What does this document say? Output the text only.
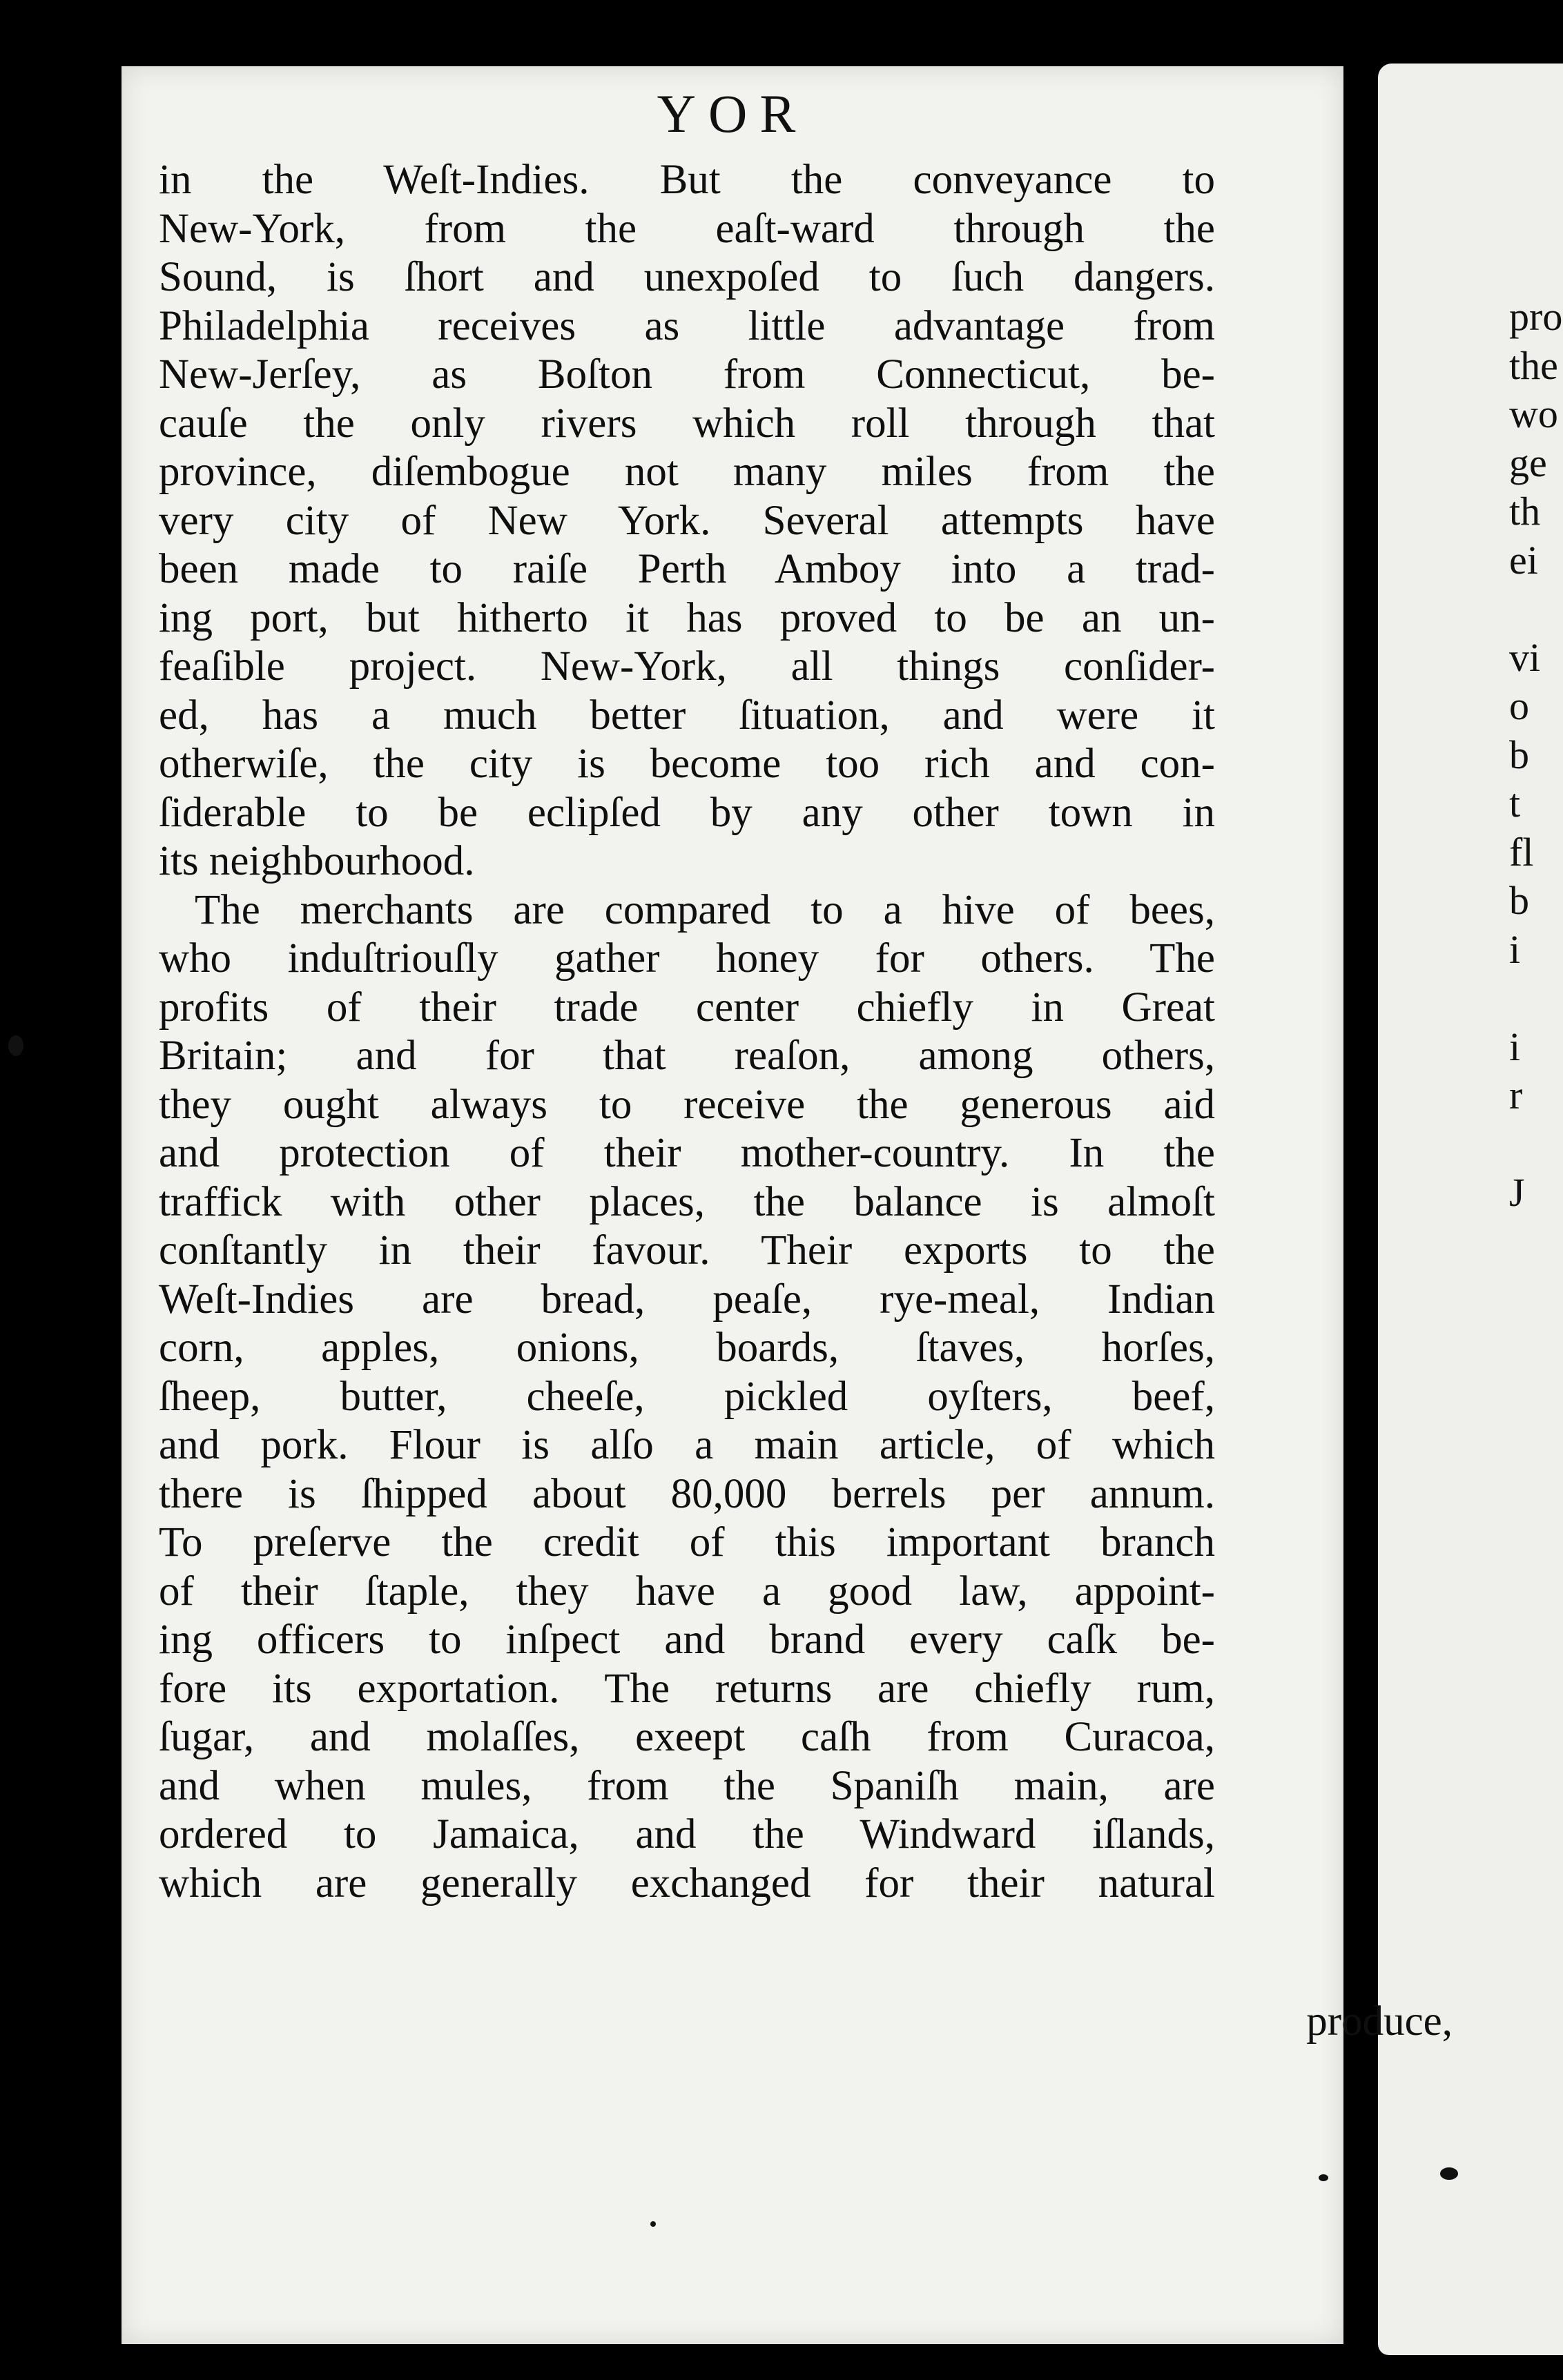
YOR
in the Weſt-Indies. But the conveyance to
New-York, from the eaſt-ward through the
Sound, is ſhort and unexpoſed to ſuch dangers.
Philadelphia receives as little advantage from
New-Jerſey, as Boſton from Connecticut, be-
cauſe the only rivers which roll through that
province, diſembogue not many miles from the
very city of New York. Several attempts have
been made to raiſe Perth Amboy into a trad-
ing port, but hitherto it has proved to be an un-
feaſible project. New-York, all things conſider-
ed, has a much better ſituation, and were it
otherwiſe, the city is become too rich and con-
ſiderable to be eclipſed by any other town in
its neighbourhood.
The merchants are compared to a hive of bees,
who induſtriouſly gather honey for others. The
profits of their trade center chiefly in Great
Britain; and for that reaſon, among others,
they ought always to receive the generous aid
and protection of their mother-country. In the
traffick with other places, the balance is almoſt
conſtantly in their favour. Their exports to the
Weſt-Indies are bread, peaſe, rye-meal, Indian
corn, apples, onions, boards, ſtaves, horſes,
ſheep, butter, cheeſe, pickled oyſters, beef,
and pork. Flour is alſo a main article, of which
there is ſhipped about 80,000 berrels per annum.
To preſerve the credit of this important branch
of their ſtaple, they have a good law, appoint-
ing officers to inſpect and brand every caſk be-
fore its exportation. The returns are chiefly rum,
ſugar, and molaſſes, exeept caſh from Curacoa,
and when mules, from the Spaniſh main, are
ordered to Jamaica, and the Windward iſlands,
which are generally exchanged for their natural
produce,
pro
the
wo
ge
th
ei
vi
o
b
t
fl
b
i
i
r
J
